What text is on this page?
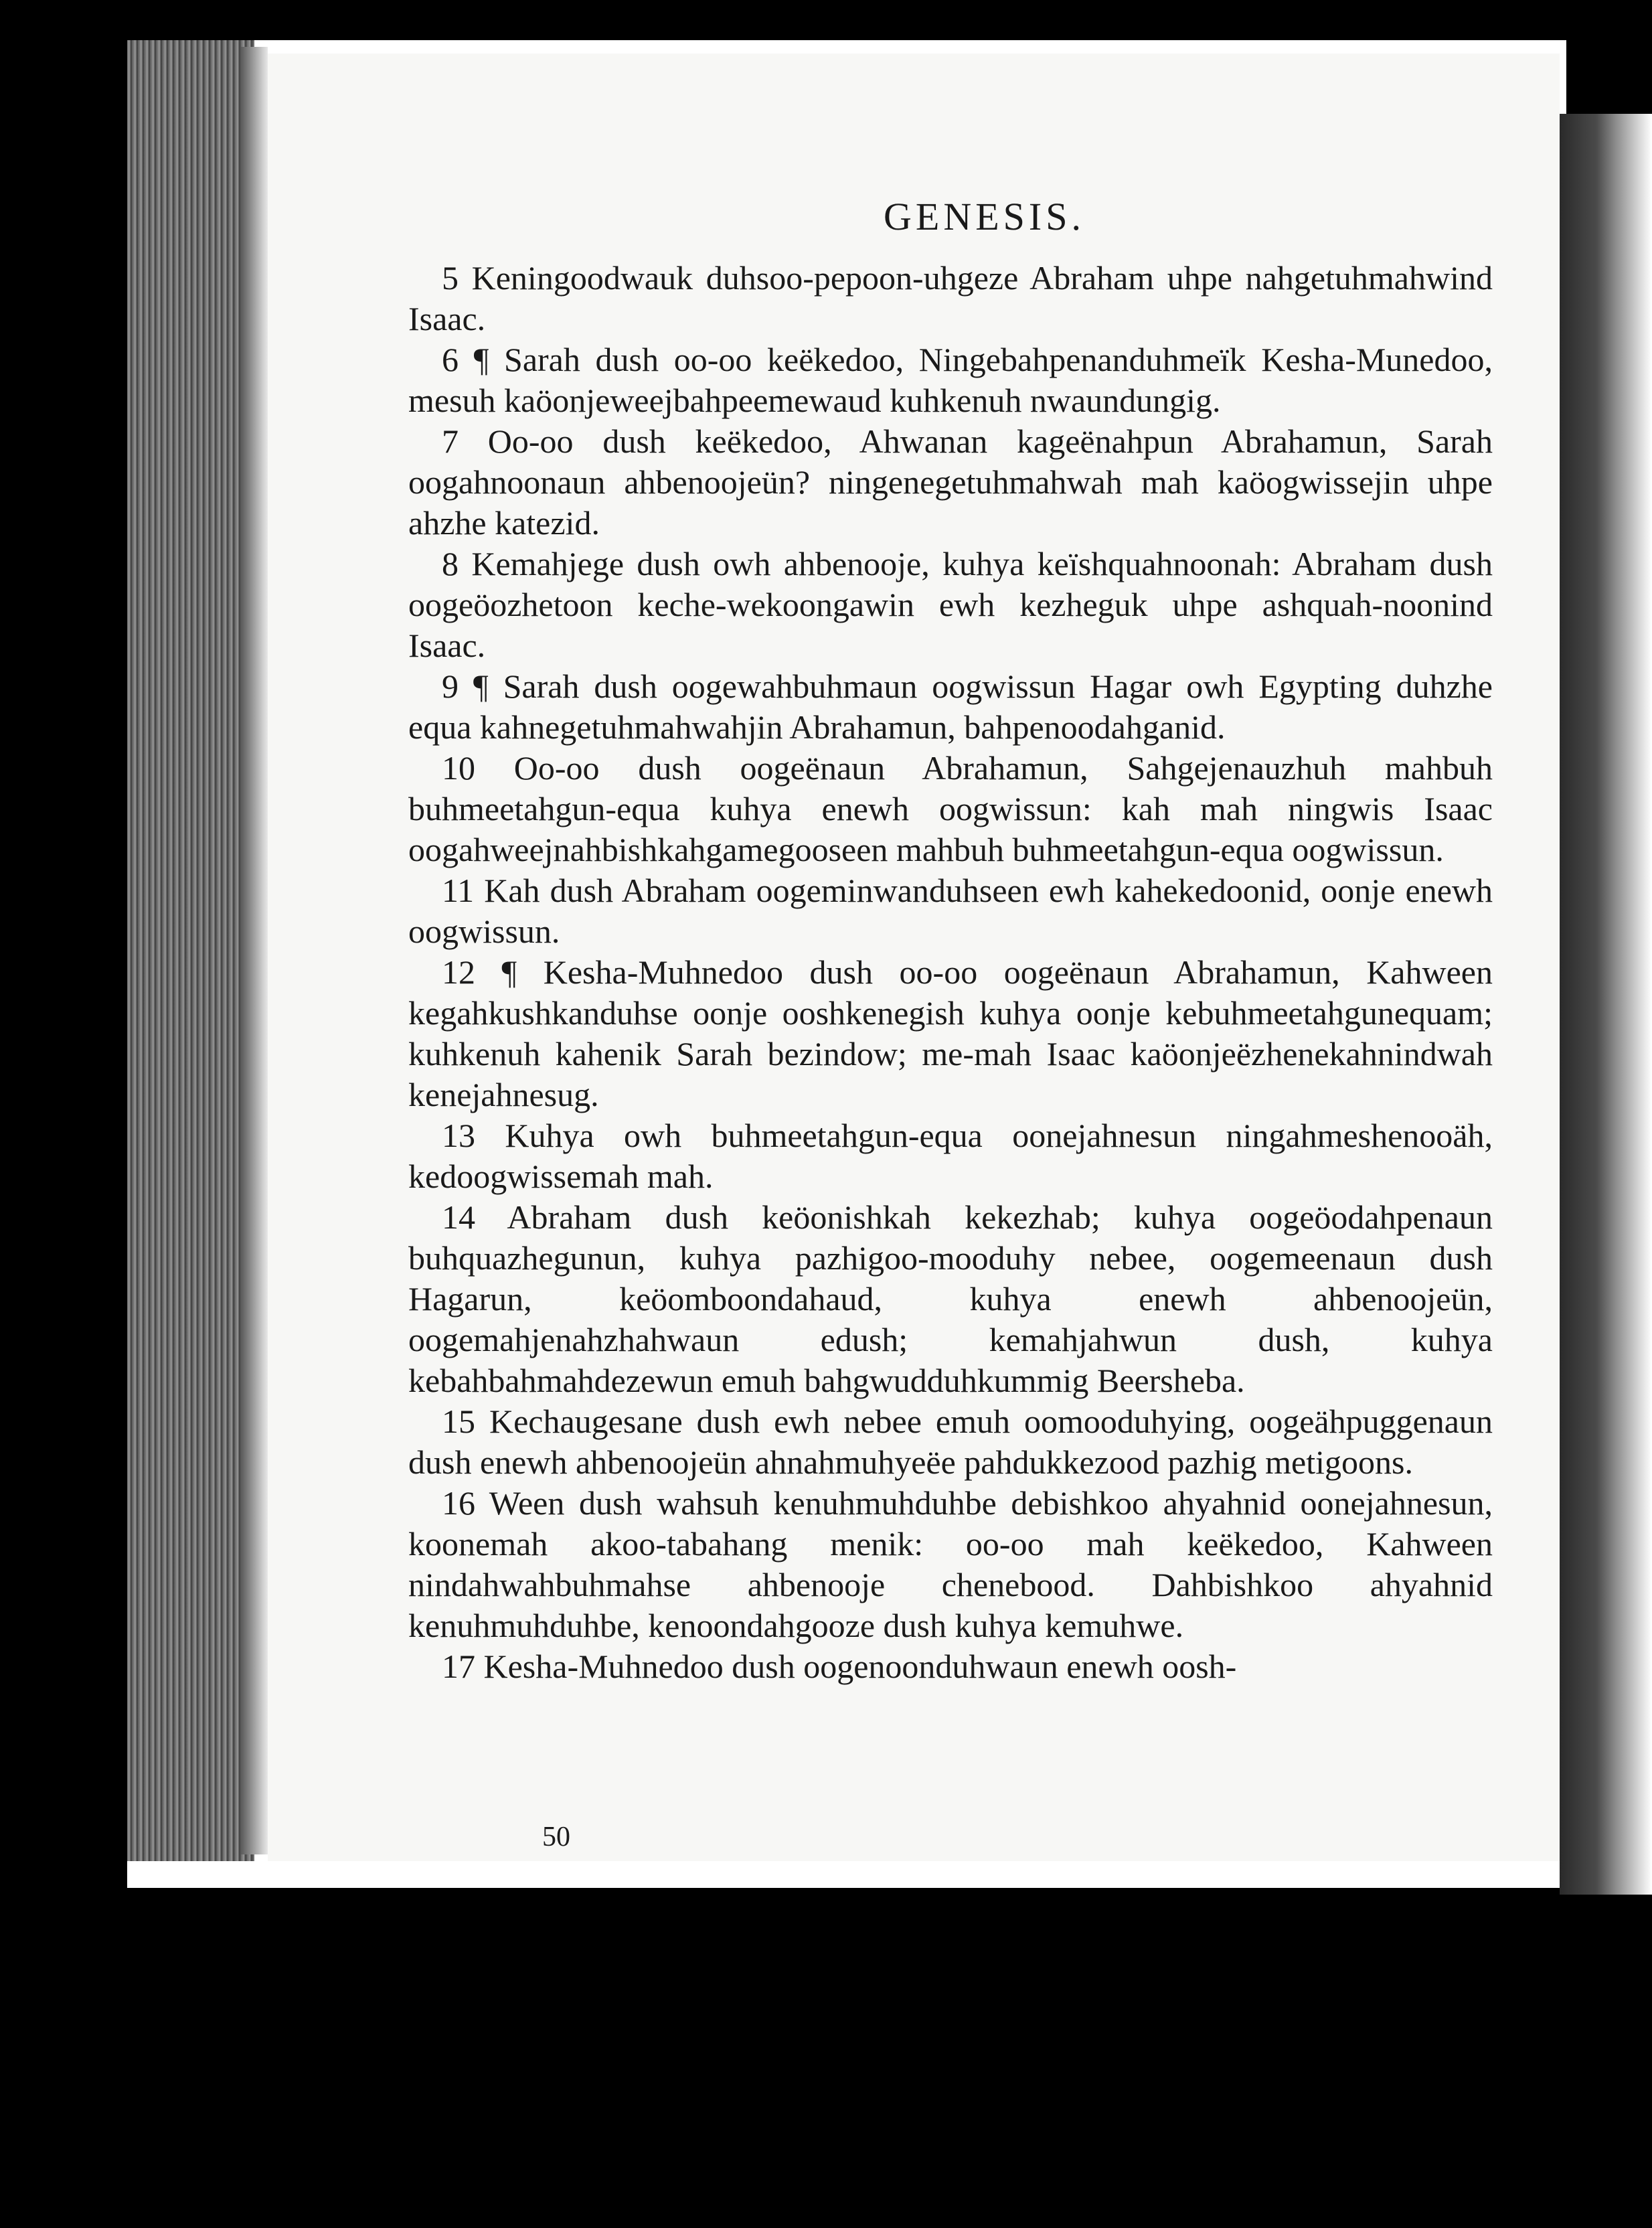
GENESIS.

5 Keningoodwauk duhsoo-pepoon-uhgeze Abraham uhpe nahgetuhmahwind Isaac.

6 ¶ Sarah dush oo-oo keëkedoo, Ningebahpenanduhmeïk Kesha-Munedoo, mesuh kaöonjeweejbahpeemewaud kuhkenuh nwaundungig.

7 Oo-oo dush keëkedoo, Ahwanan kageënahpun Abrahamun, Sarah oogahnoonaun ahbenoojeün? ningenegetuhmahwah mah kaöogwissejin uhpe ahzhe katezid.

8 Kemahjege dush owh ahbenooje, kuhya keïshquahnoonah: Abraham dush oogeöozhetoon keche-wekoongawin ewh kezheguk uhpe ashquah-noonind Isaac.

9 ¶ Sarah dush oogewahbuhmaun oogwissun Hagar owh Egypting duhzhe equa kahnegetuhmahwahjin Abrahamun, bahpenoodahganid.

10 Oo-oo dush oogeënaun Abrahamun, Sahgejenauzhuh mahbuh buhmeetahgun-equa kuhya enewh oogwissun: kah mah ningwis Isaac oogahweejnahbishkahgamegooseen mahbuh buhmeetahgun-equa oogwissun.

11 Kah dush Abraham oogeminwanduhseen ewh kahekedoonid, oonje enewh oogwissun.

12 ¶ Kesha-Muhnedoo dush oo-oo oogeënaun Abrahamun, Kahween kegahkushkanduhse oonje ooshkenegish kuhya oonje kebuhmeetahgunequam; kuhkenuh kahenik Sarah bezindow; me-mah Isaac kaöonjeëzhenekahnindwah kenejahnesug.

13 Kuhya owh buhmeetahgun-equa oonejahnesun ningahmeshenooäh, kedoogwissemah mah.

14 Abraham dush keöonishkah kekezhab; kuhya oogeöodahpenaun buhquazhegunun, kuhya pazhigoo-mooduhy nebee, oogemeenaun dush Hagarun, keöomboondahaud, kuhya enewh ahbenoojeün, oogemahjenahzhahwaun edush; kemahjahwun dush, kuhya kebahbahmahdezewun emuh bahgwudduhkummig Beersheba.

15 Kechaugesane dush ewh nebee emuh oomooduhying, oogeähpuggenaun dush enewh ahbenoojeün ahnahmuhyeëe pahdukkezood pazhig metigoons.

16 Ween dush wahsuh kenuhmuhduhbe debishkoo ahyahnid oonejahnesun, koonemah akoo-tabahang menik: oo-oo mah keëkedoo, Kahween nindahwahbuhmahse ahbenooje chenebood. Dahbishkoo ahyahnid kenuhmuhduhbe, kenoondahgooze dush kuhya kemuhwe.

17 Kesha-Muhnedoo dush oogenoonduhwaun enewh oosh-

50
